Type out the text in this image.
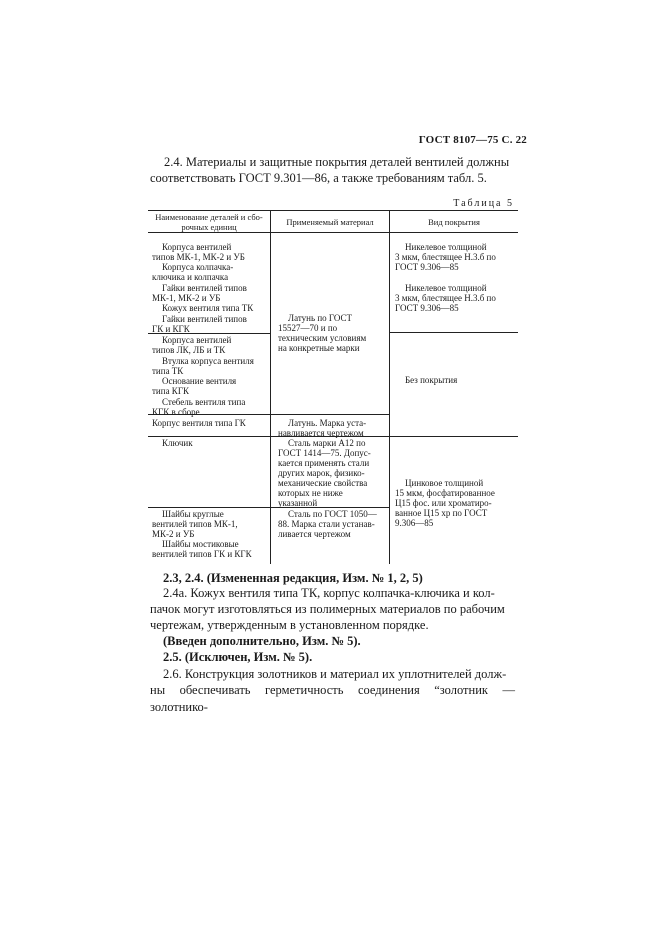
ГОСТ 8107—75 С. 22
2.4. Материалы и защитные покрытия деталей вентилей должны
соответствовать ГОСТ 9.301—86, а также требованиям табл. 5.
Таблица 5
Наименование деталей и сбо-
рочных единиц	Применяемый материал	Вид покрытия
Корпуса вентилей
типов МК-1, МК-2 и УБ
Корпуса колпачка-
ключика и колпачка
Гайки вентилей типов
МК-1, МК-2 и УБ
Кожух вентиля типа ТК
Гайки вентилей типов
ГК и КГК
Корпуса вентилей
типов ЛК, ЛБ и ТК
Втулка корпуса вентиля
типа ТК
Основание вентиля
типа КГК
Стебель вентиля типа
КГК в сборе
Корпус вентиля типа ГК
Ключик
Шайбы круглые
вентилей типов МК-1,
МК-2 и УБ
Шайбы мостиковые
вентилей типов ГК и КГК
Латунь по ГОСТ
15527—70 и по
техническим условиям
на конкретные марки
Латунь. Марка уста-
навливается чертежом
Сталь марки А12 по
ГОСТ 1414—75. Допус-
кается применять стали
других марок, физико-
механические свойства
которых не ниже
указанной
Сталь по ГОСТ 1050—
88. Марка стали устанав-
ливается чертежом
Никелевое толщиной
3 мкм, блестящее Н.3.б по
ГОСТ 9.306—85
Никелевое толщиной
3 мкм, блестящее Н.3.б по
ГОСТ 9.306—85
Без покрытия
Цинковое толщиной
15 мкм, фосфатированное
Ц15 фос. или хроматиро-
ванное Ц15 хр по ГОСТ
9.306—85
2.3, 2.4. (Измененная редакция, Изм. № 1, 2, 5)
2.4а. Кожух вентиля типа ТК, корпус колпачка-ключика и кол-
пачок могут изготовляться из полимерных материалов по рабочим
чертежам, утвержденным в установленном порядке.
(Введен дополнительно, Изм. № 5).
2.5. (Исключен, Изм. № 5).
2.6. Конструкция золотников и материал их уплотнителей долж-
ны обеспечивать герметичность соединения “золотник — золотнико-
